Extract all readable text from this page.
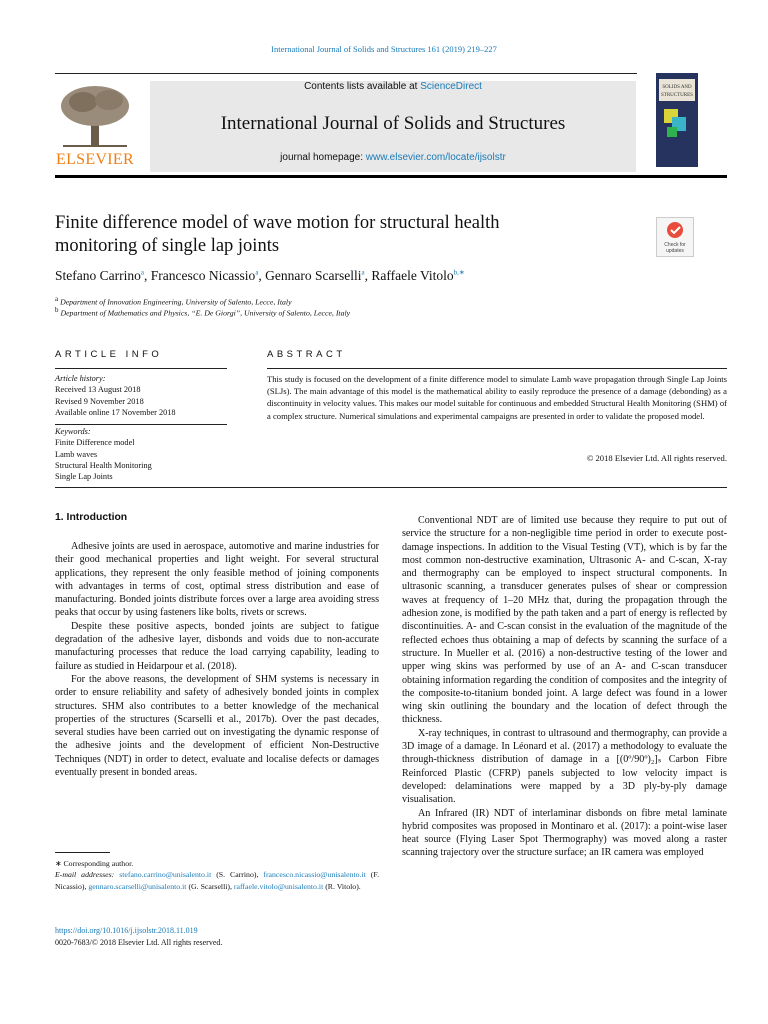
International Journal of Solids and Structures 161 (2019) 219–227
ELSEVIER
Contents lists available at ScienceDirect
International Journal of Solids and Structures
journal homepage: www.elsevier.com/locate/ijsolstr
SOLIDS AND
STRUCTURES
Finite difference model of wave motion for structural health
monitoring of single lap joints	Check for
updates
Stefano Carrino$^a$, Francesco Nicassio$^a$, Gennaro Scarselli$^a$, Raffaele Vitolo$^{b,∗}$
$^a$ Department of Innovation Engineering, University of Salento, Lecce, Italy
$^b$ Department of Mathematics and Physics, “E. De Giorgi”, University of Salento, Lecce, Italy
ARTICLE INFO	ABSTRACT
Article history:
Received 13 August 2018
Revised 9 November 2018
Available online 17 November 2018
Keywords:
Finite Difference model
Lamb waves
Structural Health Monitoring
Single Lap Joints
This study is focused on the development of a finite difference model to simulate Lamb wave propagation through Single Lap Joints (SLJs). The main advantage of this model is the mathematical ability to easily reproduce the presence of a damage (debonding) as a discontinuity in velocity values. This makes our model suitable for continuous and embedded Structural Health Monitoring (SHM) of a complex structure. Numerical simulations and experimental campaigns are presented in order to validate the proposed model.
© 2018 Elsevier Ltd. All rights reserved.
1. Introduction

Adhesive joints are used in aerospace, automotive and marine industries for their good mechanical properties and light weight. For several structural applications, they represent the only feasible method of joining components with advantages in terms of cost, optimal stress distribution and ease of manufacturing. Bonded joints distribute forces over a large area avoiding stress peaks that occur by using fasteners like bolts, rivets or screws.

Despite these positive aspects, bonded joints are subject to fatigue degradation of the adhesive layer, disbonds and voids due to non-accurate manufacturing processes that reduce the load carrying capability, leading to failure as studied in Heidarpour et al. (2018).

For the above reasons, the development of SHM systems is necessary in order to ensure reliability and safety of adhesively bonded joints in complex structures. SHM also contributes to a better knowledge of the mechanical properties of the structures (Scarselli et al., 2017b). Over the past decades, several studies have been carried out on investigating the dynamic response of the adhesive joints and the development of efficient Non-Destructive Techniques (NDT) in order to detect, evaluate and localise defects or damages eventually present in bonded areas.

Conventional NDT are of limited use because they require to put out of service the structure for a non-negligible time period in order to execute post-damage inspections. In addition to the Visual Testing (VT), which is by far the most common non-destructive examination, Ultrasonic A- and C-scan, X-ray and thermography can be employed to inspect structural components. In ultrasonic scanning, a transducer generates pulses of shear or compression waves at frequency of 1–20 MHz that, during the propagation through the adhesion zone, is modified by the path taken and a part of energy is reflected by discontinuities. A- and C-scan consist in the evaluation of the magnitude of the reflected echoes thus obtaining a map of defects by scanning the surface of a structure. In Mueller et al. (2016) a non-destructive testing of the lower and upper wing skins was performed by use of an A- and C-scan transducer obtaining information regarding the condition of composites and the integrity of the composite-to-titanium bonded joint. A large defect was found in a lower wing skin outlining the boundary and the location of defect through the thickness.

X-ray techniques, in contrast to ultrasound and thermography, can provide a 3D image of a damage. In Léonard et al. (2017) a methodology to evaluate the through-thickness distribution of damage in a [(0º/90º)₂]ₛ Carbon Fibre Reinforced Plastic (CFRP) panels subjected to low velocity impact is developed: delaminations were mapped by a 3D ply-by-ply damage visualisation.

An Infrared (IR) NDT of interlaminar disbonds on fibre metal laminate hybrid composites was proposed in Montinaro et al. (2017): a point-wise laser heat source (Flying Laser Spot Thermography) was moved along a raster scanning trajectory over the structure surface; an IR camera was employed

∗ Corresponding author.
E-mail addresses: stefano.carrino@unisalento.it (S. Carrino), francesco.nicassio@unisalento.it (F. Nicassio), gennaro.scarselli@unisalento.it (G. Scarselli), raffaele.vitolo@unisalento.it (R. Vitolo).
https://doi.org/10.1016/j.ijsolstr.2018.11.019
0020-7683/© 2018 Elsevier Ltd. All rights reserved.
